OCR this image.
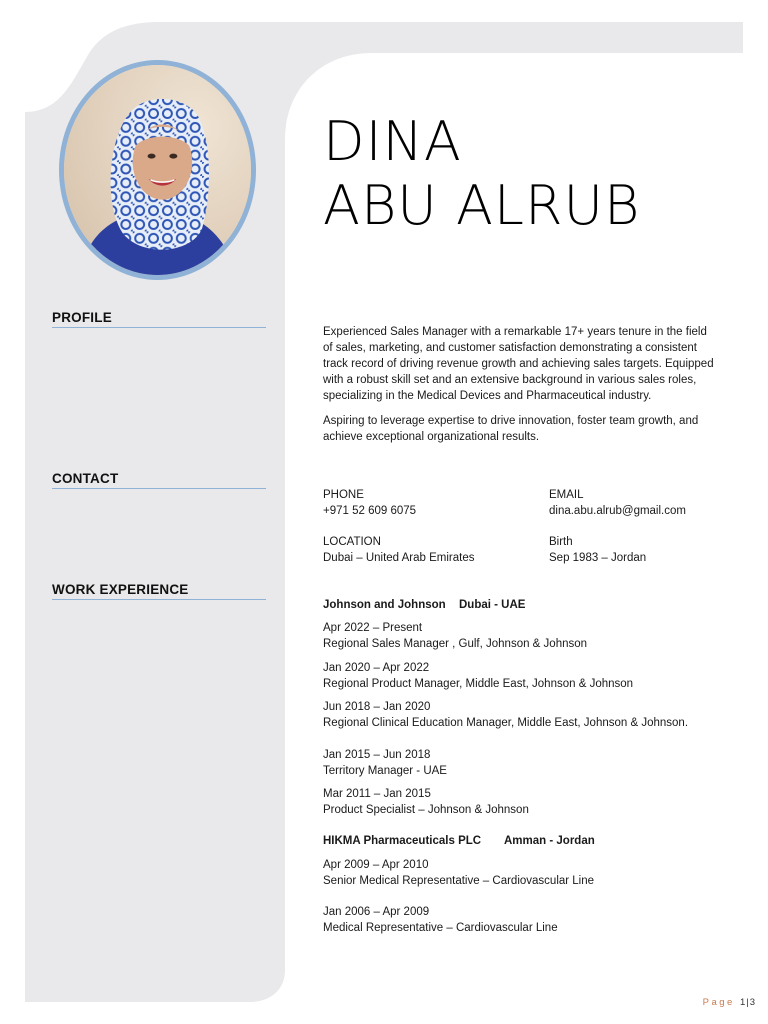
DINA
ABU ALRUB
PROFILE
CONTACT
WORK EXPERIENCE

Experienced Sales Manager with a remarkable 17+ years tenure in the field of sales, marketing, and customer satisfaction demonstrating a consistent track record of driving revenue growth and achieving sales targets. Equipped with a robust skill set and an extensive background in various sales roles, specializing in the Medical Devices and Pharmaceutical industry.

Aspiring to leverage expertise to drive innovation, foster team growth, and achieve exceptional organizational results.

PHONE
+971 52 609 6075
EMAIL
dina.abu.alrub@gmail.com
LOCATION
Dubai – United Arab Emirates
Birth
Sep 1983 – Jordan
Johnson and Johnson Dubai - UAE
Apr 2022 – Present
Regional Sales Manager , Gulf, Johnson & Johnson
Jan 2020 – Apr 2022
Regional Product Manager, Middle East, Johnson & Johnson
Jun 2018 – Jan 2020
Regional Clinical Education Manager, Middle East, Johnson & Johnson.
Jan 2015 – Jun 2018
Territory Manager - UAE
Mar 2011 – Jan 2015
Product Specialist – Johnson & Johnson
HIKMA Pharmaceuticals PLC Amman - Jordan
Apr 2009 – Apr 2010
Senior Medical Representative – Cardiovascular Line
Jan 2006 – Apr 2009
Medical Representative – Cardiovascular Line
Page 1|3
